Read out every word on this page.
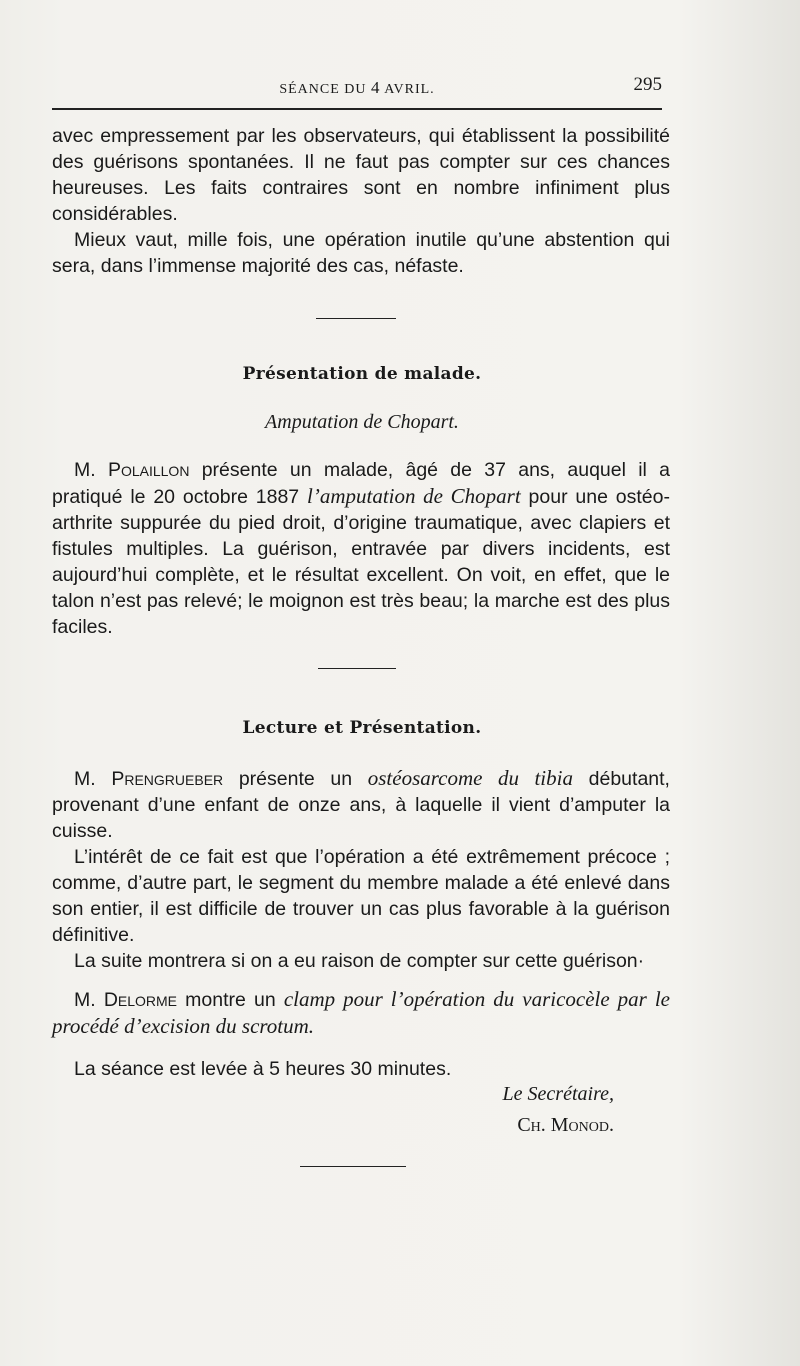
SÉANCE DU 4 AVRIL.	295

avec empressement par les observateurs, qui établissent la possibilité des guérisons spontanées. Il ne faut pas compter sur ces chances heureuses. Les faits contraires sont en nombre infiniment plus considérables.

Mieux vaut, mille fois, une opération inutile qu’une abstention qui sera, dans l’immense majorité des cas, néfaste.

Présentation de malade.
Amputation de Chopart.

M. Polaillon présente un malade, âgé de 37 ans, auquel il a pratiqué le 20 octobre 1887 l’amputation de Chopart pour une ostéo-arthrite suppurée du pied droit, d’origine traumatique, avec clapiers et fistules multiples. La guérison, entravée par divers incidents, est aujourd’hui complète, et le résultat excellent. On voit, en effet, que le talon n’est pas relevé; le moignon est très beau; la marche est des plus faciles.

Lecture et Présentation.

M. Prengrueber présente un ostéosarcome du tibia débutant, provenant d’une enfant de onze ans, à laquelle il vient d’amputer la cuisse.

L’intérêt de ce fait est que l’opération a été extrêmement précoce ; comme, d’autre part, le segment du membre malade a été enlevé dans son entier, il est difficile de trouver un cas plus favorable à la guérison définitive.

La suite montrera si on a eu raison de compter sur cette guérison·

M. Delorme montre un clamp pour l’opération du varicocèle par le procédé d’excision du scrotum.

La séance est levée à 5 heures 30 minutes.

Le Secrétaire,
Ch. Monod.
